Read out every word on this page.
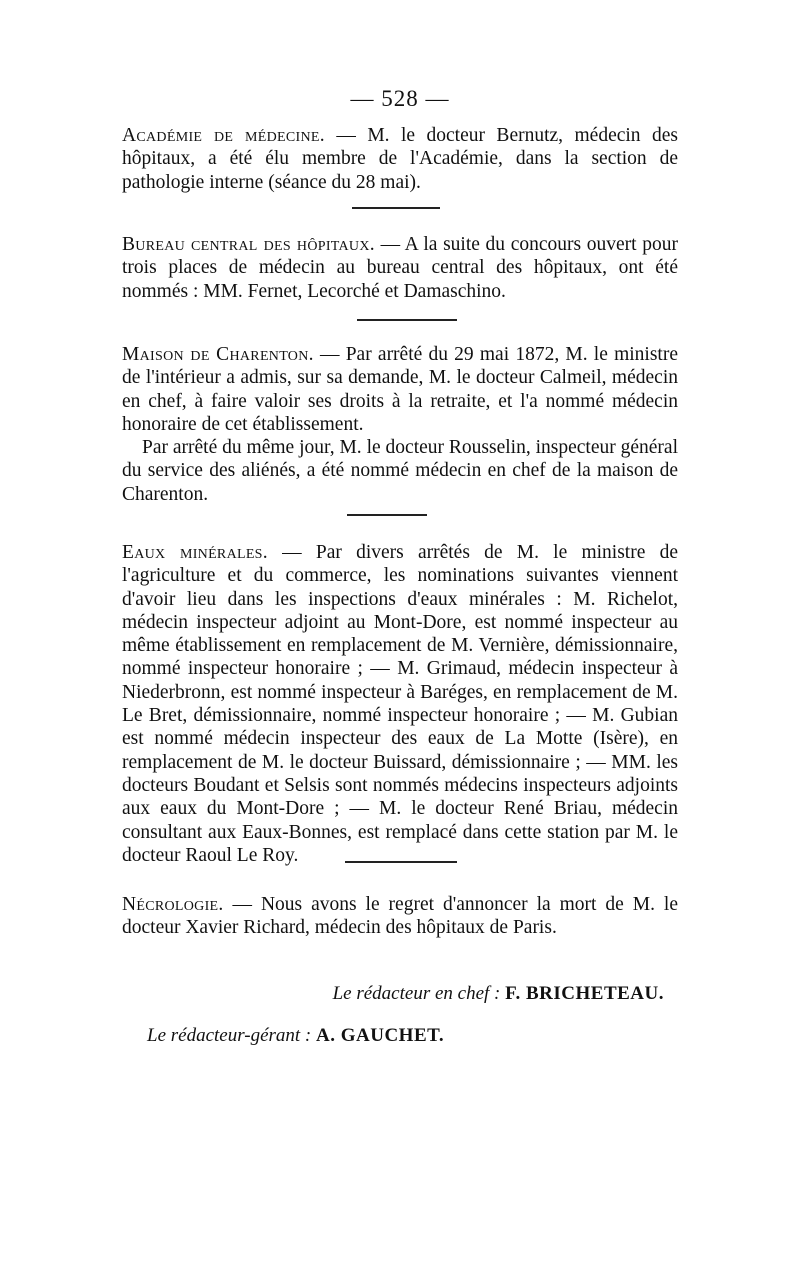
— 528 —

Académie de médecine. — M. le docteur Bernutz, médecin des hôpitaux, a été élu membre de l'Académie, dans la section de pathologie interne (séance du 28 mai).

Bureau central des hôpitaux. — A la suite du concours ouvert pour trois places de médecin au bureau central des hôpitaux, ont été nommés : MM. Fernet, Lecorché et Damaschino.

Maison de Charenton. — Par arrêté du 29 mai 1872, M. le ministre de l'intérieur a admis, sur sa demande, M. le docteur Calmeil, médecin en chef, à faire valoir ses droits à la retraite, et l'a nommé médecin honoraire de cet établissement.

Par arrêté du même jour, M. le docteur Rousselin, inspecteur général du service des aliénés, a été nommé médecin en chef de la maison de Charenton.

Eaux minérales. — Par divers arrêtés de M. le ministre de l'agriculture et du commerce, les nominations suivantes viennent d'avoir lieu dans les inspections d'eaux minérales : M. Richelot, médecin inspecteur adjoint au Mont-Dore, est nommé inspecteur au même établissement en remplacement de M. Vernière, démissionnaire, nommé inspecteur honoraire ; — M. Grimaud, médecin inspecteur à Niederbronn, est nommé inspecteur à Baréges, en remplacement de M. Le Bret, démissionnaire, nommé inspecteur honoraire ; — M. Gubian est nommé médecin inspecteur des eaux de La Motte (Isère), en remplacement de M. le docteur Buissard, démissionnaire ; — MM. les docteurs Boudant et Selsis sont nommés médecins inspecteurs adjoints aux eaux du Mont-Dore ; — M. le docteur René Briau, médecin consultant aux Eaux-Bonnes, est remplacé dans cette station par M. le docteur Raoul Le Roy.

Nécrologie. — Nous avons le regret d'annoncer la mort de M. le docteur Xavier Richard, médecin des hôpitaux de Paris.

Le rédacteur en chef : F. BRICHETEAU.
Le rédacteur-gérant : A. GAUCHET.
